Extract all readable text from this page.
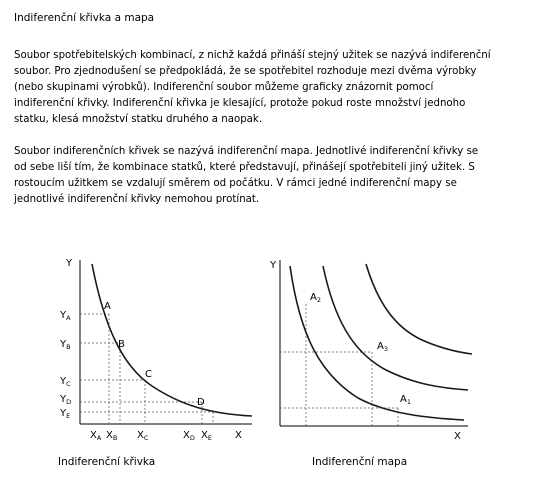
Indiferenční křivka a mapa

Soubor spotřebitelských kombinací, z nichž každá přináší stejný užitek se nazývá indiferenční
soubor. Pro zjednodušení se předpokládá, že se spotřebitel rozhoduje mezi dvěma výrobky
(nebo skupinami výrobků). Indiferenční soubor můžeme graficky znázornit pomocí
indiferenční křivky. Indiferenční křivka je klesající, protože pokud roste množství jednoho
statku, klesá množství statku druhého a naopak.

Soubor indiferenčních křivek se nazývá indiferenční mapa. Jednotlivé indiferenční křivky se
od sebe liší tím, že kombinace statků, které představují, přinášejí spotřebiteli jiný užitek. S
rostoucím užitkem se vzdalují směrem od počátku. V rámci jedné indiferenční mapy se
jednotlivé indiferenční křivky nemohou protínat.

Y
X
A
B
C
D
$Y_A$
$Y_B$
$Y_C$
$Y_D$
$Y_E$
$X_A$ $X_B$ $X_C$	$X_D$ $X_E$
Y
X
$A_2$
$A_3$
$A_1$
Indiferenční křivka	Indiferenční mapa
